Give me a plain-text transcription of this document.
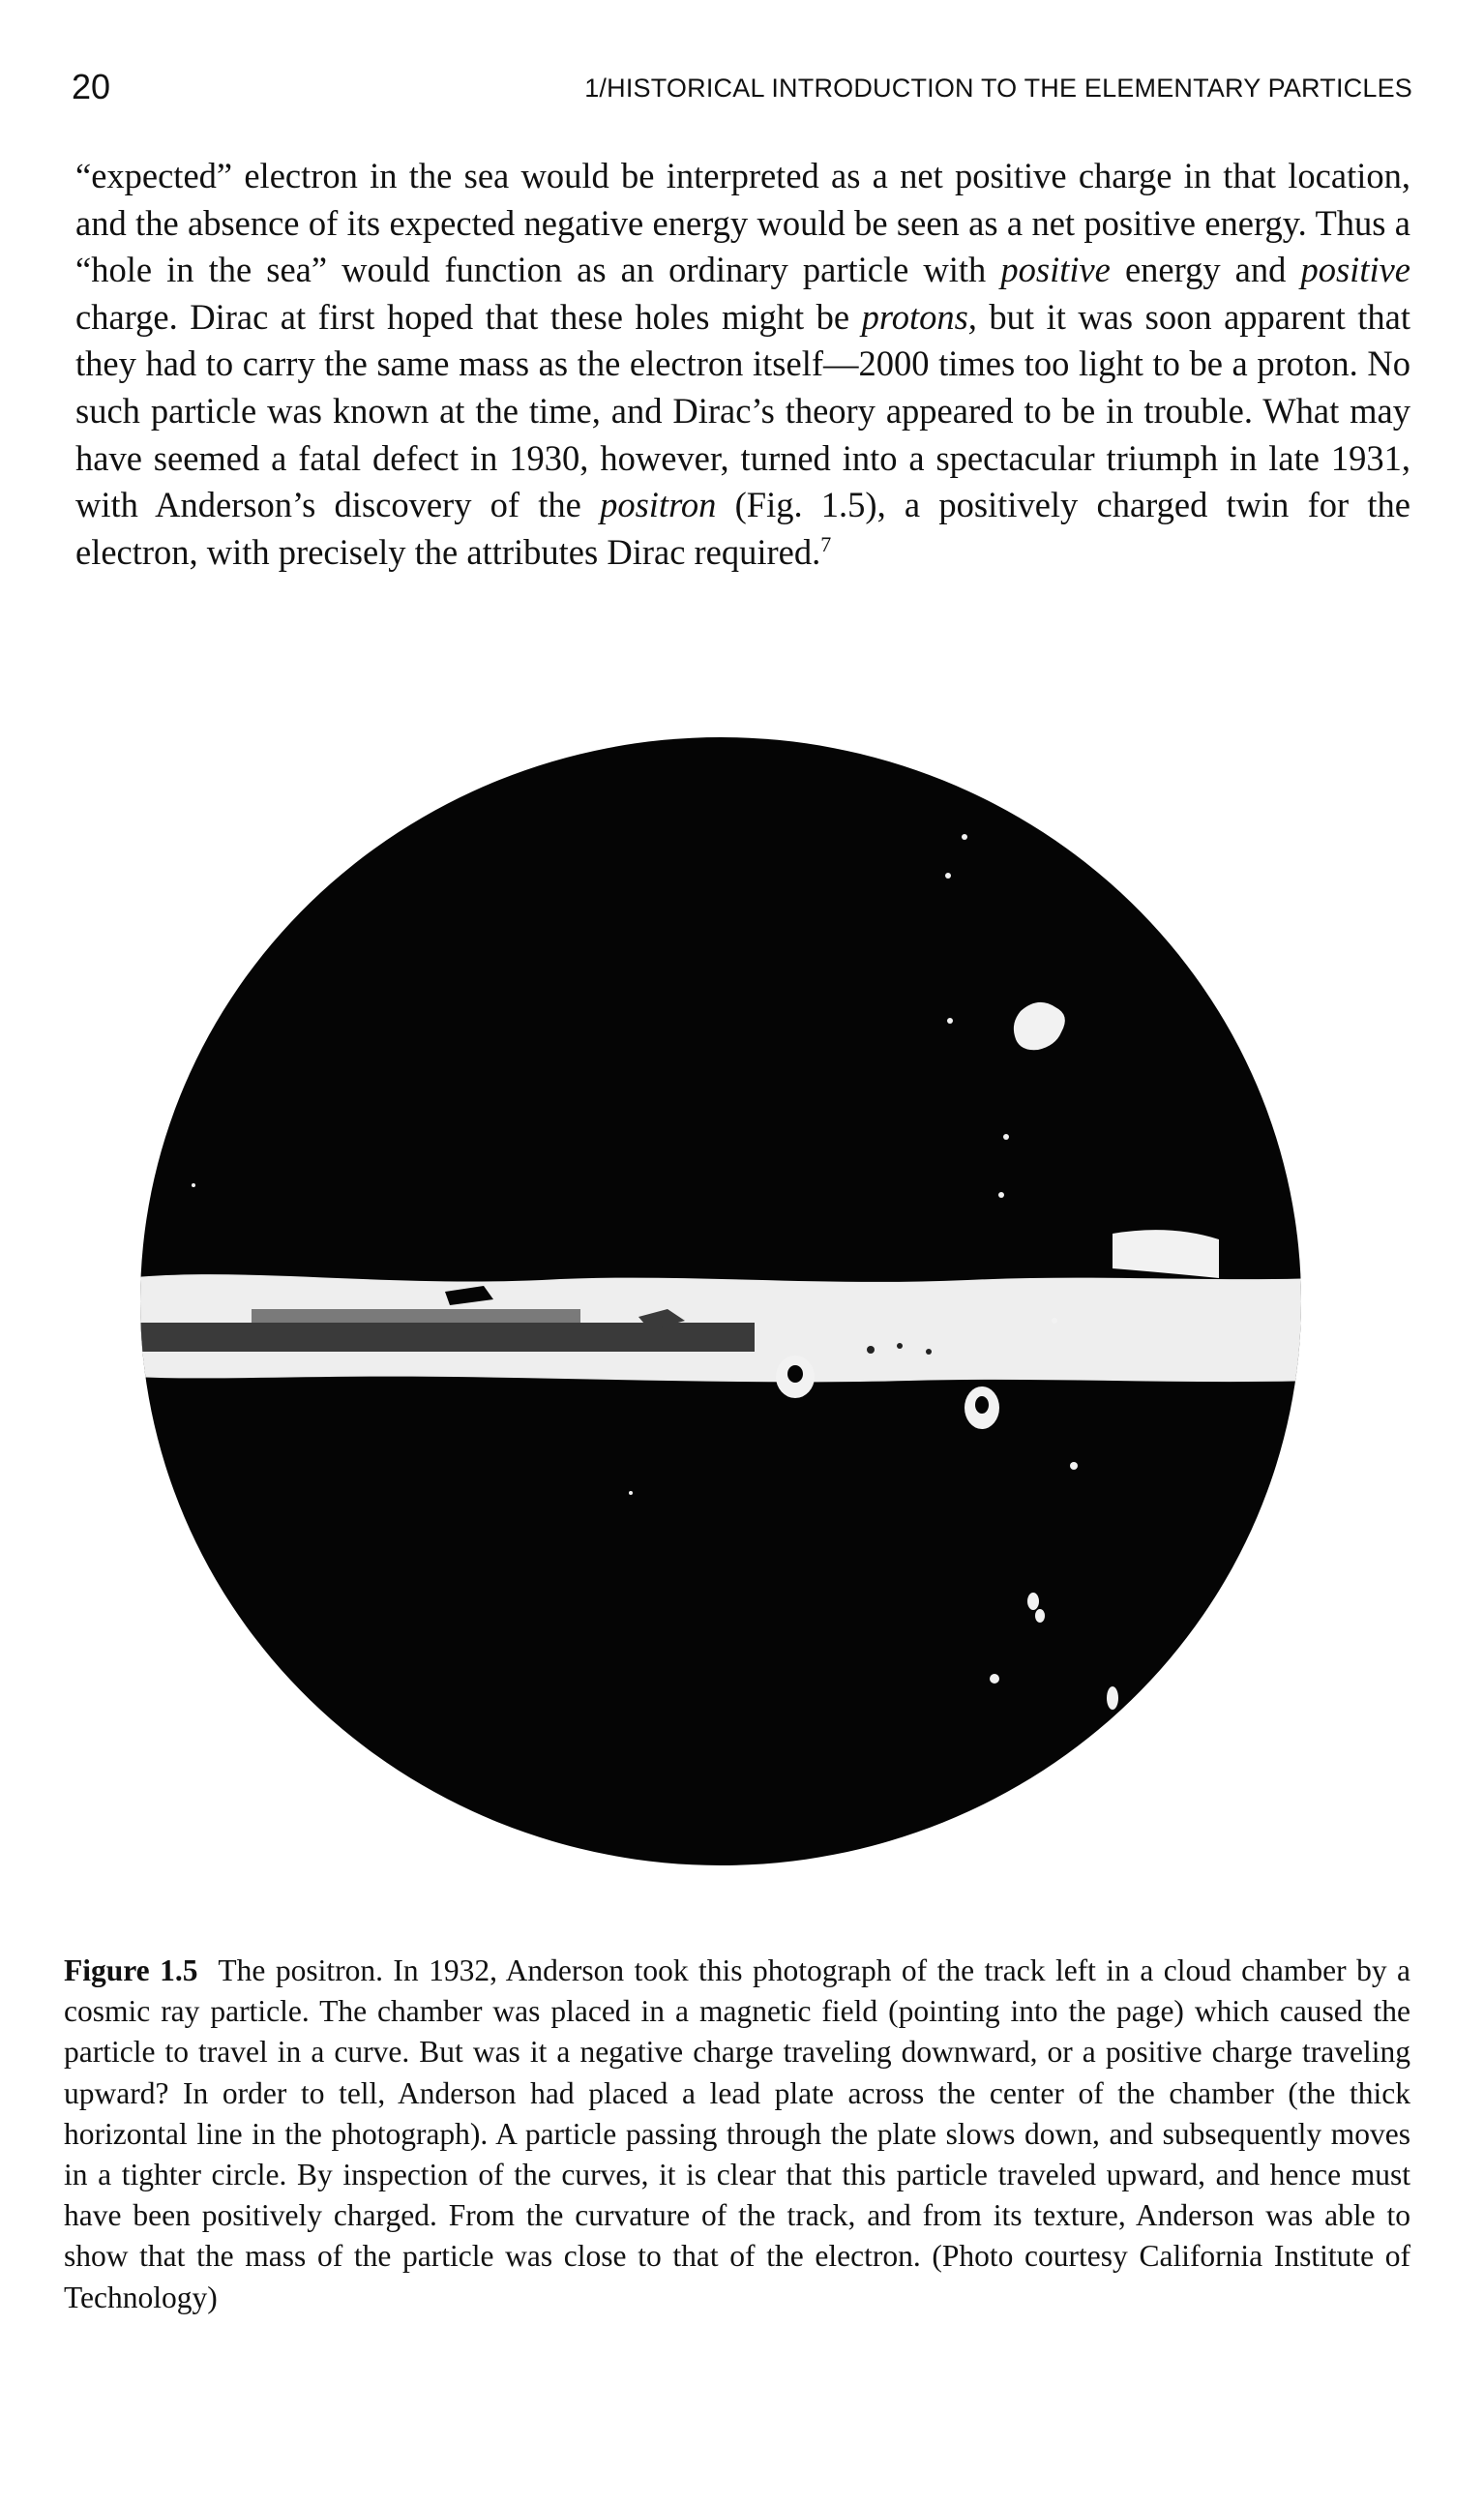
20	1/HISTORICAL INTRODUCTION TO THE ELEMENTARY PARTICLES

“expected” electron in the sea would be interpreted as a net positive charge in that location, and the absence of its expected negative energy would be seen as a net positive energy. Thus a “hole in the sea” would function as an ordinary particle with positive energy and positive charge. Dirac at first hoped that these holes might be protons, but it was soon apparent that they had to carry the same mass as the electron itself—2000 times too light to be a proton. No such particle was known at the time, and Dirac’s theory appeared to be in trouble. What may have seemed a fatal defect in 1930, however, turned into a spectacular triumph in late 1931, with Anderson’s discovery of the positron (Fig. 1.5), a positively charged twin for the electron, with precisely the attributes Dirac required.$^7$

Figure 1.5 The positron. In 1932, Anderson took this photograph of the track left in a cloud chamber by a cosmic ray particle. The chamber was placed in a magnetic field (pointing into the page) which caused the particle to travel in a curve. But was it a negative charge traveling downward, or a positive charge traveling upward? In order to tell, Anderson had placed a lead plate across the center of the chamber (the thick horizontal line in the photograph). A particle passing through the plate slows down, and subsequently moves in a tighter circle. By inspection of the curves, it is clear that this particle traveled upward, and hence must have been positively charged. From the curvature of the track, and from its texture, Anderson was able to show that the mass of the particle was close to that of the electron. (Photo courtesy California Institute of Technology)
